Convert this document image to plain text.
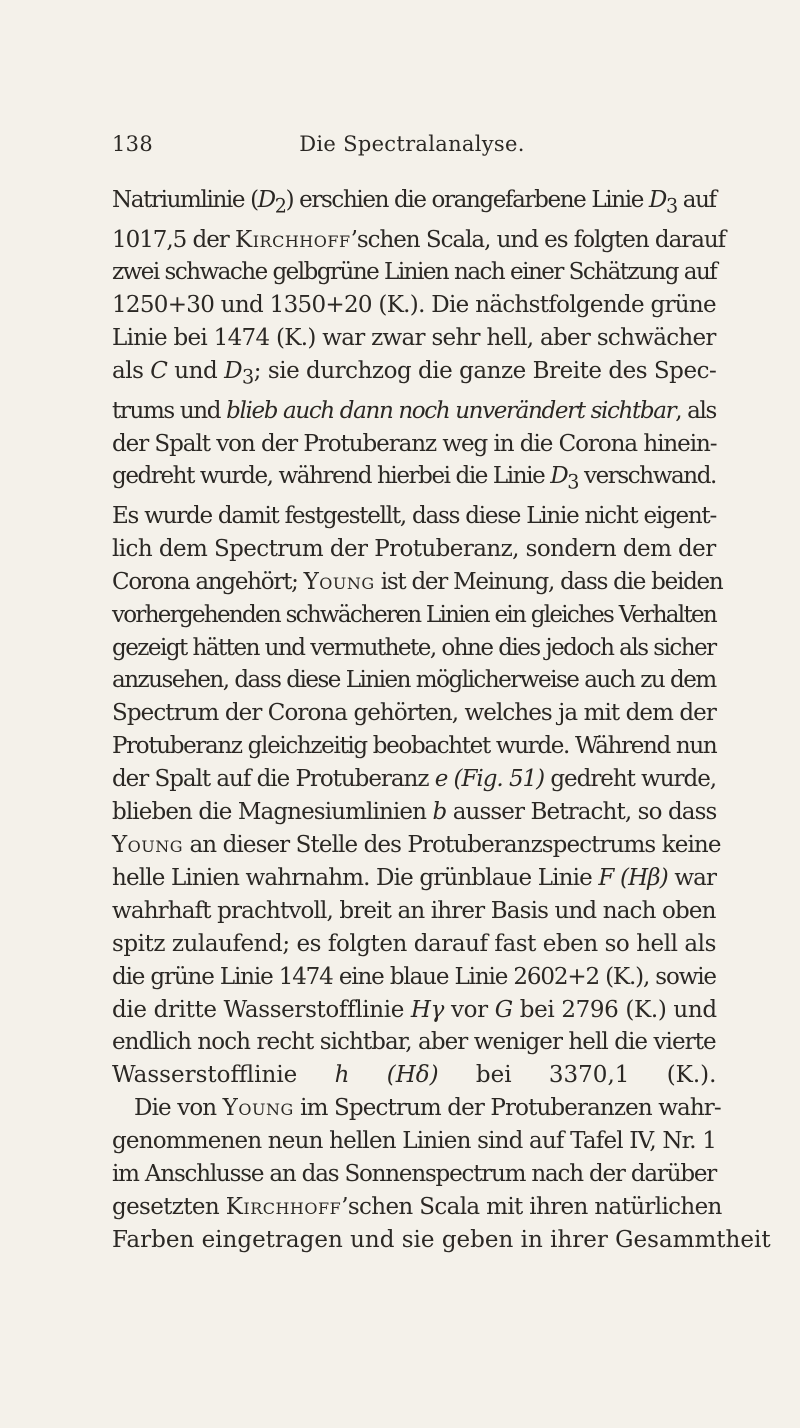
138	Die Spectralanalyse.
Natriumlinie $(D_2)$ erschien die orangefarbene Linie $D_3$ auf
1017,5 der Kirchhoff’schen Scala, und es folgten darauf
zwei schwache gelbgrüne Linien nach einer Schätzung auf
1250+30 und 1350+20 (K.). Die nächstfolgende grüne
Linie bei 1474 (K.) war zwar sehr hell, aber schwächer
als C und $D_3$; sie durchzog die ganze Breite des Spec-
trums und blieb auch dann noch unverändert sichtbar, als
der Spalt von der Protuberanz weg in die Corona hinein-
gedreht wurde, während hierbei die Linie $D_3$ verschwand.
Es wurde damit festgestellt, dass diese Linie nicht eigent-
lich dem Spectrum der Protuberanz, sondern dem der
Corona angehört; Young ist der Meinung, dass die beiden
vorhergehenden schwächeren Linien ein gleiches Verhalten
gezeigt hätten und vermuthete, ohne dies jedoch als sicher
anzusehen, dass diese Linien möglicherweise auch zu dem
Spectrum der Corona gehörten, welches ja mit dem der
Protuberanz gleichzeitig beobachtet wurde. Während nun
der Spalt auf die Protuberanz e (Fig. 51) gedreht wurde,
blieben die Magnesiumlinien b ausser Betracht, so dass
Young an dieser Stelle des Protuberanzspectrums keine
helle Linien wahrnahm. Die grünblaue Linie F (Hβ) war
wahrhaft prachtvoll, breit an ihrer Basis und nach oben
spitz zulaufend; es folgten darauf fast eben so hell als
die grüne Linie 1474 eine blaue Linie 2602+2 (K.), sowie
die dritte Wasserstofflinie Hγ vor G bei 2796 (K.) und
endlich noch recht sichtbar, aber weniger hell die vierte
Wasserstofflinie h (Hδ) bei 3370,1 (K.).
Die von Young im Spectrum der Protuberanzen wahr-
genommenen neun hellen Linien sind auf Tafel IV, Nr. 1
im Anschlusse an das Sonnenspectrum nach der darüber
gesetzten Kirchhoff’schen Scala mit ihren natürlichen
Farben eingetragen und sie geben in ihrer Gesammtheit
